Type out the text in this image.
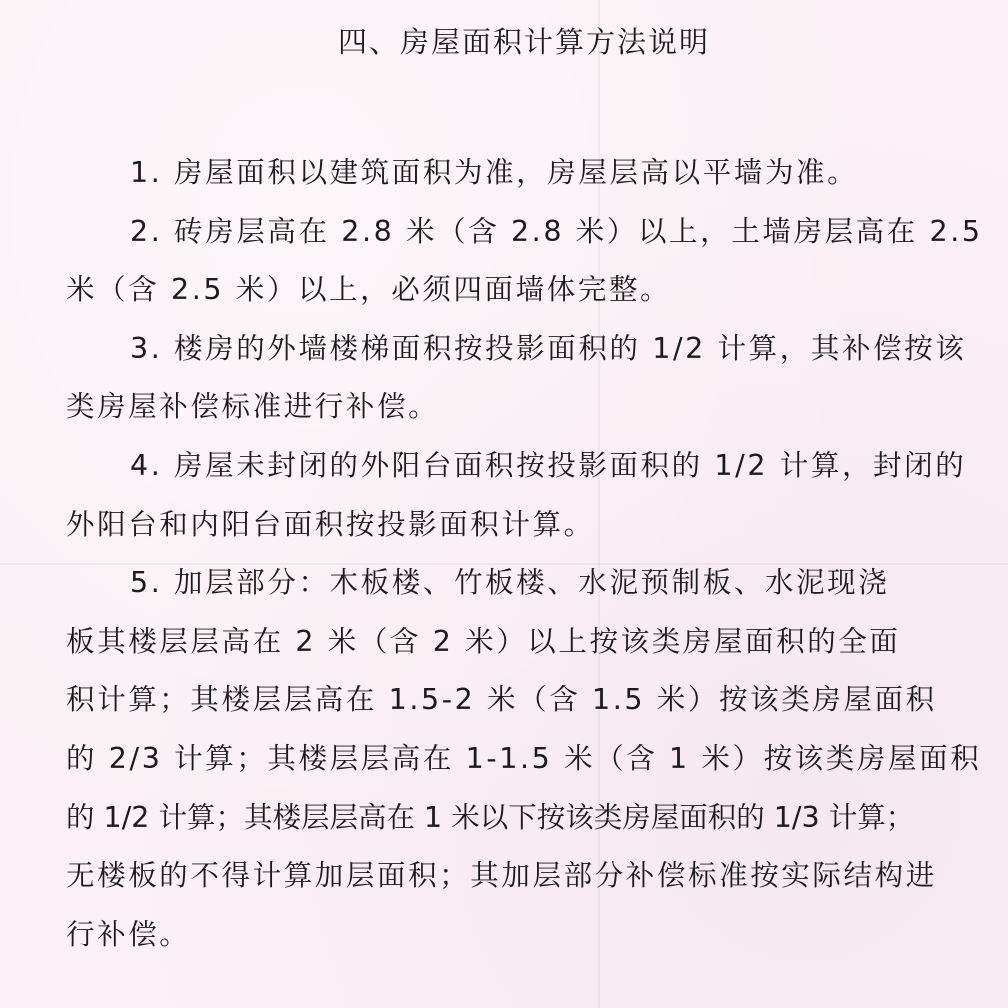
四、房屋面积计算方法说明
1. 房屋面积以建筑面积为准，房屋层高以平墙为准。
2. 砖房层高在 2.8 米（含 2.8 米）以上，土墙房层高在 2.5
米（含 2.5 米）以上，必须四面墙体完整。
3. 楼房的外墙楼梯面积按投影面积的 1/2 计算，其补偿按该
类房屋补偿标准进行补偿。
4. 房屋未封闭的外阳台面积按投影面积的 1/2 计算，封闭的
外阳台和内阳台面积按投影面积计算。
5. 加层部分：木板楼、竹板楼、水泥预制板、水泥现浇
板其楼层层高在 2 米（含 2 米）以上按该类房屋面积的全面
积计算；其楼层层高在 1.5-2 米（含 1.5 米）按该类房屋面积
的 2/3 计算；其楼层层高在 1-1.5 米（含 1 米）按该类房屋面积
的 1/2 计算；其楼层层高在 1 米以下按该类房屋面积的 1/3 计算；
无楼板的不得计算加层面积；其加层部分补偿标准按实际结构进
行补偿。
